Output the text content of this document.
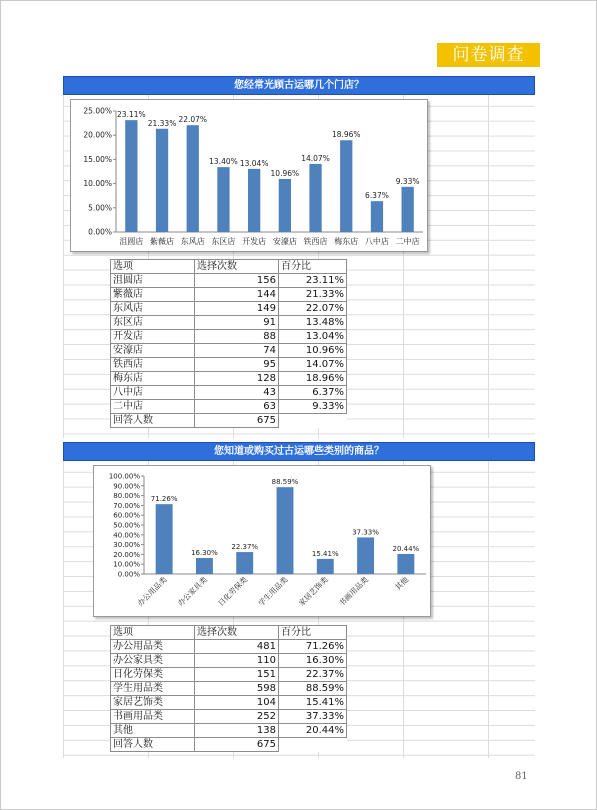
问卷调查
您经常光顾古运哪几个门店？
0.00%
5.00%
10.00%
15.00%
20.00%
25.00% 23.11%
沮圆店
21.33%
紫薇店
22.07%
东风店
13.40%
东区店
13.04%
开发店
10.96%
安濠店
14.07%
铁西店
18.96%
梅东店
6.37%
八中店
9.33%
二中店
选项	选择次数	百分比
沮圆店	156	23.11%
紫薇店	144	21.33%
东风店	149	22.07%
东区店	91	13.48%
开发店	88	13.04%
安濠店	74	10.96%
铁西店	95	14.07%
梅东店	128	18.96%
八中店	43	6.37%
二中店	63	9.33%
回答人数	675	
您知道或购买过古运哪些类别的商品？
0.00%
10.00%
20.00%
30.00%
40.00%
50.00%
60.00%
70.00%
80.00%
90.00%
100.00%
71.26%
办公用品类
16.30%
办公家具类
22.37%
日化劳保类
88.59%
学生用品类
15.41%
家居艺饰类
37.33%
书画用品类
20.44%
其他
选项	选择次数	百分比
办公用品类	481	71.26%
办公家具类	110	16.30%
日化劳保类	151	22.37%
学生用品类	598	88.59%
家居艺饰类	104	15.41%
书画用品类	252	37.33%
其他	138	20.44%
回答人数	675	
81
